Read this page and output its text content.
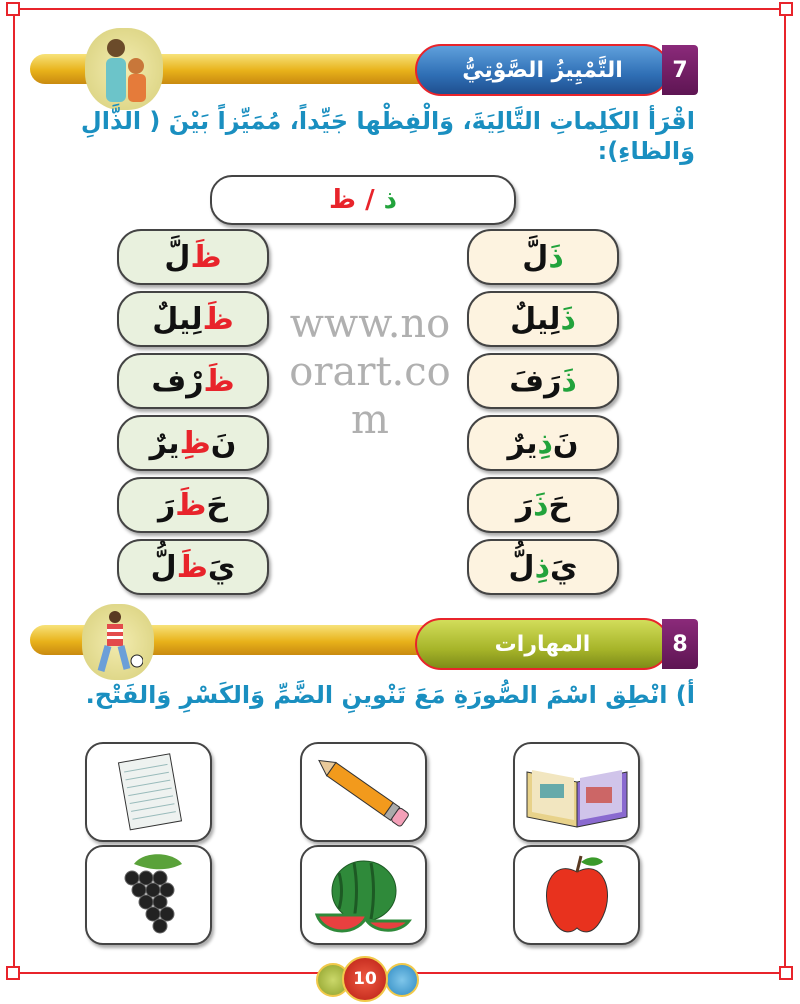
التَّمْيِيزُ الصَّوْتِيُّ	7
اقْرَأ الكَلِماتِ التَّالِيَةَ، وَالْفِظْها جَيِّداً، مُمَيِّزاً بَيْنَ ( الذَّالِ وَالظاءِ):
ذ
/
ظ
ذَ
لَّ
ذَ
لِيلٌ
ذَ
رَفَ
نَ
ذِ
يرٌ
حَ
ذَ
رَ
يَ
ذِ
لُّ
ظَ
لَّ
ظَ
لِيلٌ
ظَ
رْف
نَ
ظِ
يرٌ
حَ
ظَ
رَ
يَ
ظَ
لُّ
www.noorart.com
المهارات	8
أ) انْطِق اسْمَ الصُّورَةِ مَعَ تَنْوينِ الضَّمِّ وَالكَسْرِ وَالفَتْح.
10
